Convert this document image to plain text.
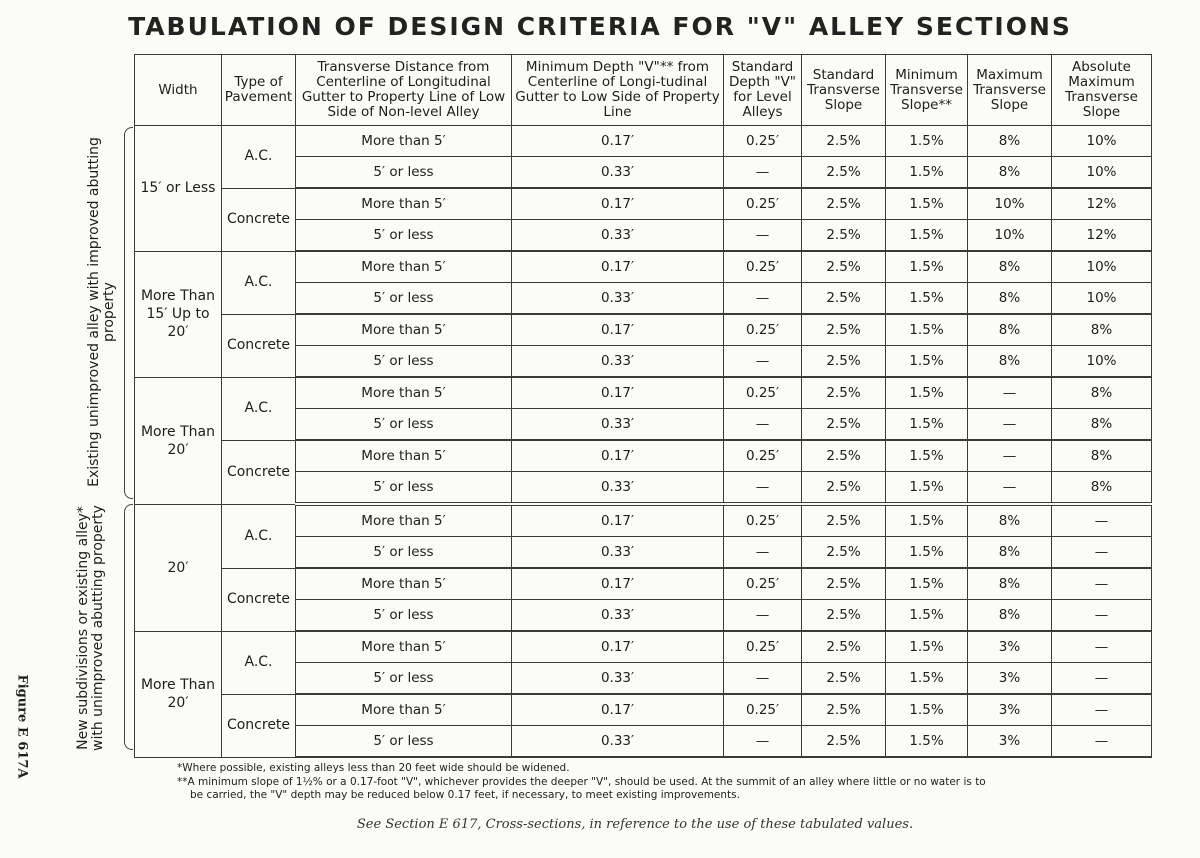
TABULATION OF DESIGN CRITERIA FOR "V" ALLEY SECTIONS
Width	Type of Pavement	Transverse Distance from Centerline of Longitudinal Gutter to Property Line of Low Side of Non-level Alley	Minimum Depth "V"** from Centerline of Longi-tudinal Gutter to Low Side of Property Line	Standard Depth "V" for Level Alleys	Standard Transverse Slope	Minimum Transverse Slope**	Maximum Transverse Slope	Absolute Maximum Transverse Slope
15′ or Less	A.C.	More than 5′	0.17′	0.25′	2.5%	1.5%	8%	10%
		5′ or less	0.33′	—	2.5%	1.5%	8%	10%
	Concrete	More than 5′	0.17′	0.25′	2.5%	1.5%	10%	12%
		5′ or less	0.33′	—	2.5%	1.5%	10%	12%
More Than 15′ Up to 20′	A.C.	More than 5′	0.17′	0.25′	2.5%	1.5%	8%	10%
		5′ or less	0.33′	—	2.5%	1.5%	8%	10%
	Concrete	More than 5′	0.17′	0.25′	2.5%	1.5%	8%	8%
		5′ or less	0.33′	—	2.5%	1.5%	8%	10%
More Than 20′	A.C.	More than 5′	0.17′	0.25′	2.5%	1.5%	—	8%
		5′ or less	0.33′	—	2.5%	1.5%	—	8%
	Concrete	More than 5′	0.17′	0.25′	2.5%	1.5%	—	8%
		5′ or less	0.33′	—	2.5%	1.5%	—	8%
20′	A.C.	More than 5′	0.17′	0.25′	2.5%	1.5%	8%	—
		5′ or less	0.33′	—	2.5%	1.5%	8%	—
	Concrete	More than 5′	0.17′	0.25′	2.5%	1.5%	8%	—
		5′ or less	0.33′	—	2.5%	1.5%	8%	—
More Than 20′	A.C.	More than 5′	0.17′	0.25′	2.5%	1.5%	3%	—
		5′ or less	0.33′	—	2.5%	1.5%	3%	—
	Concrete	More than 5′	0.17′	0.25′	2.5%	1.5%	3%	—
		5′ or less	0.33′	—	2.5%	1.5%	3%	—
Existing unimproved alley with improved abutting property
New subdivisions or existing alley* with unimproved abutting property
Figure E 617A	*Where possible, existing alleys less than 20 feet wide should be widened.
**A minimum slope of 1½% or a 0.17-foot "V", whichever provides the deeper "V", should be used. At the summit of an alley where little or no water is to
be carried, the "V" depth may be reduced below 0.17 feet, if necessary, to meet existing improvements.
See Section E 617, Cross-sections, in reference to the use of these tabulated values.
